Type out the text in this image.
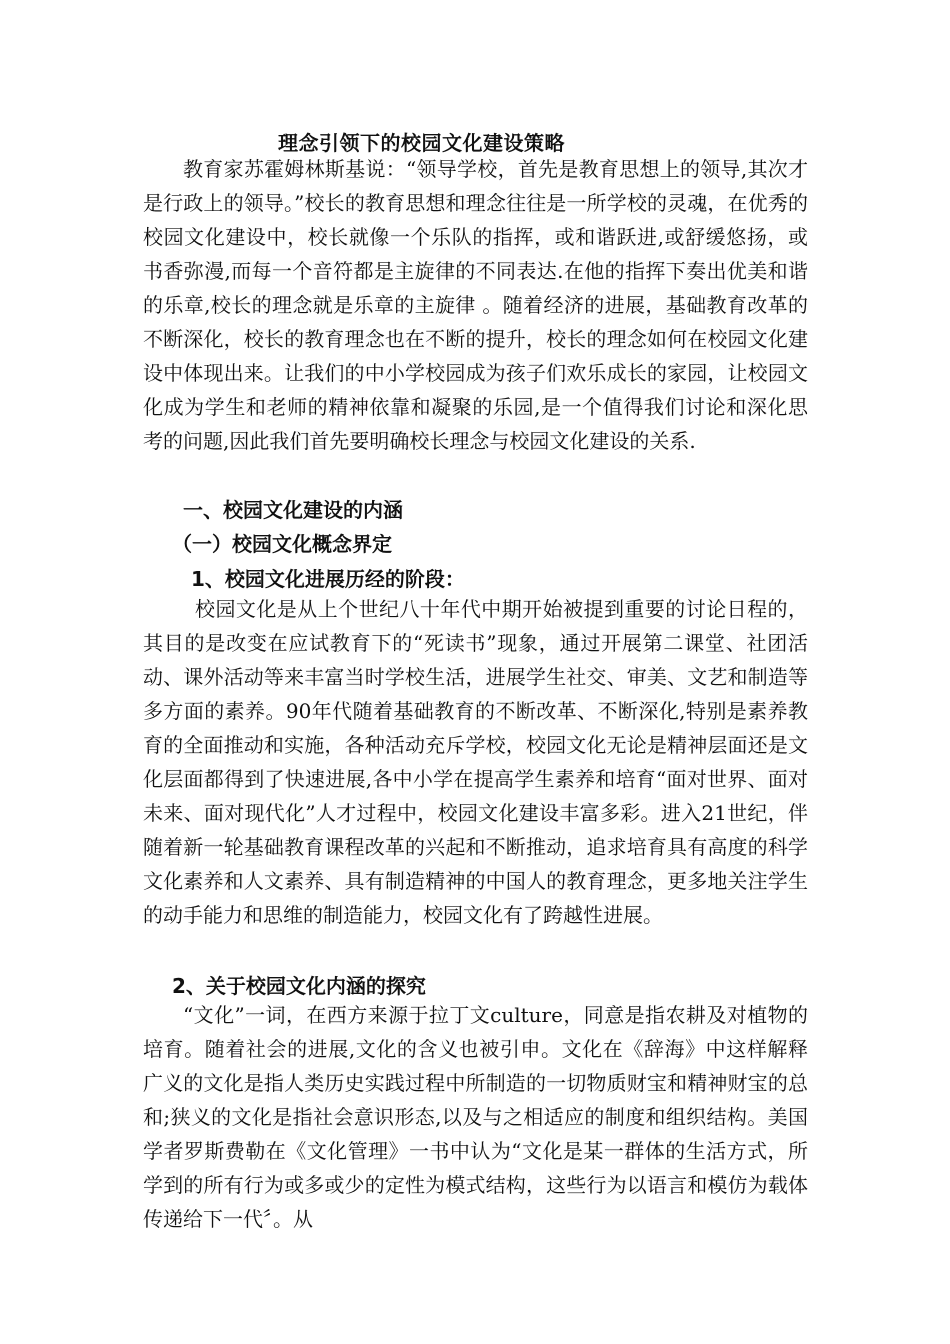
理念引领下的校园文化建设策略

教育家苏霍姆林斯基说：“领导学校，首先是教育思想上的领导,其次才是行政上的领导。”校长的教育思想和理念往往是一所学校的灵魂，在优秀的校园文化建设中，校长就像一个乐队的指挥，或和谐跃进,或舒缓悠扬，或书香弥漫,而每一个音符都是主旋律的不同表达.在他的指挥下奏出优美和谐的乐章,校长的理念就是乐章的主旋律 。随着经济的进展，基础教育改革的不断深化，校长的教育理念也在不断的提升，校长的理念如何在校园文化建设中体现出来。让我们的中小学校园成为孩子们欢乐成长的家园，让校园文化成为学生和老师的精神依靠和凝聚的乐园,是一个值得我们讨论和深化思考的问题,因此我们首先要明确校长理念与校园文化建设的关系.

一、校园文化建设的内涵
（一）校园文化概念界定
1、校园文化进展历经的阶段：

校园文化是从上个世纪八十年代中期开始被提到重要的讨论日程的，其目的是改变在应试教育下的“死读书”现象，通过开展第二课堂、社团活动、课外活动等来丰富当时学校生活，进展学生社交、审美、文艺和制造等多方面的素养。90年代随着基础教育的不断改革、不断深化,特别是素养教育的全面推动和实施，各种活动充斥学校，校园文化无论是精神层面还是文化层面都得到了快速进展,各中小学在提高学生素养和培育“面对世界、面对未来、面对现代化”人才过程中，校园文化建设丰富多彩。进入21世纪，伴随着新一轮基础教育课程改革的兴起和不断推动，追求培育具有高度的科学文化素养和人文素养、具有制造精神的中国人的教育理念，更多地关注学生的动手能力和思维的制造能力，校园文化有了跨越性进展。

2、关于校园文化内涵的探究

“文化”一词，在西方来源于拉丁文culture，同意是指农耕及对植物的培育。随着社会的进展,文化的含义也被引申。文化在《辞海》中这样解释广义的文化是指人类历史实践过程中所制造的一切物质财宝和精神财宝的总和;狭义的文化是指社会意识形态,以及与之相适应的制度和组织结构。美国学者罗斯费勒在《文化管理》一书中认为“文化是某一群体的生活方式，所学到的所有行为或多或少的定性为模式结构，这些行为以语言和模仿为载体传递给下一代〞。从
